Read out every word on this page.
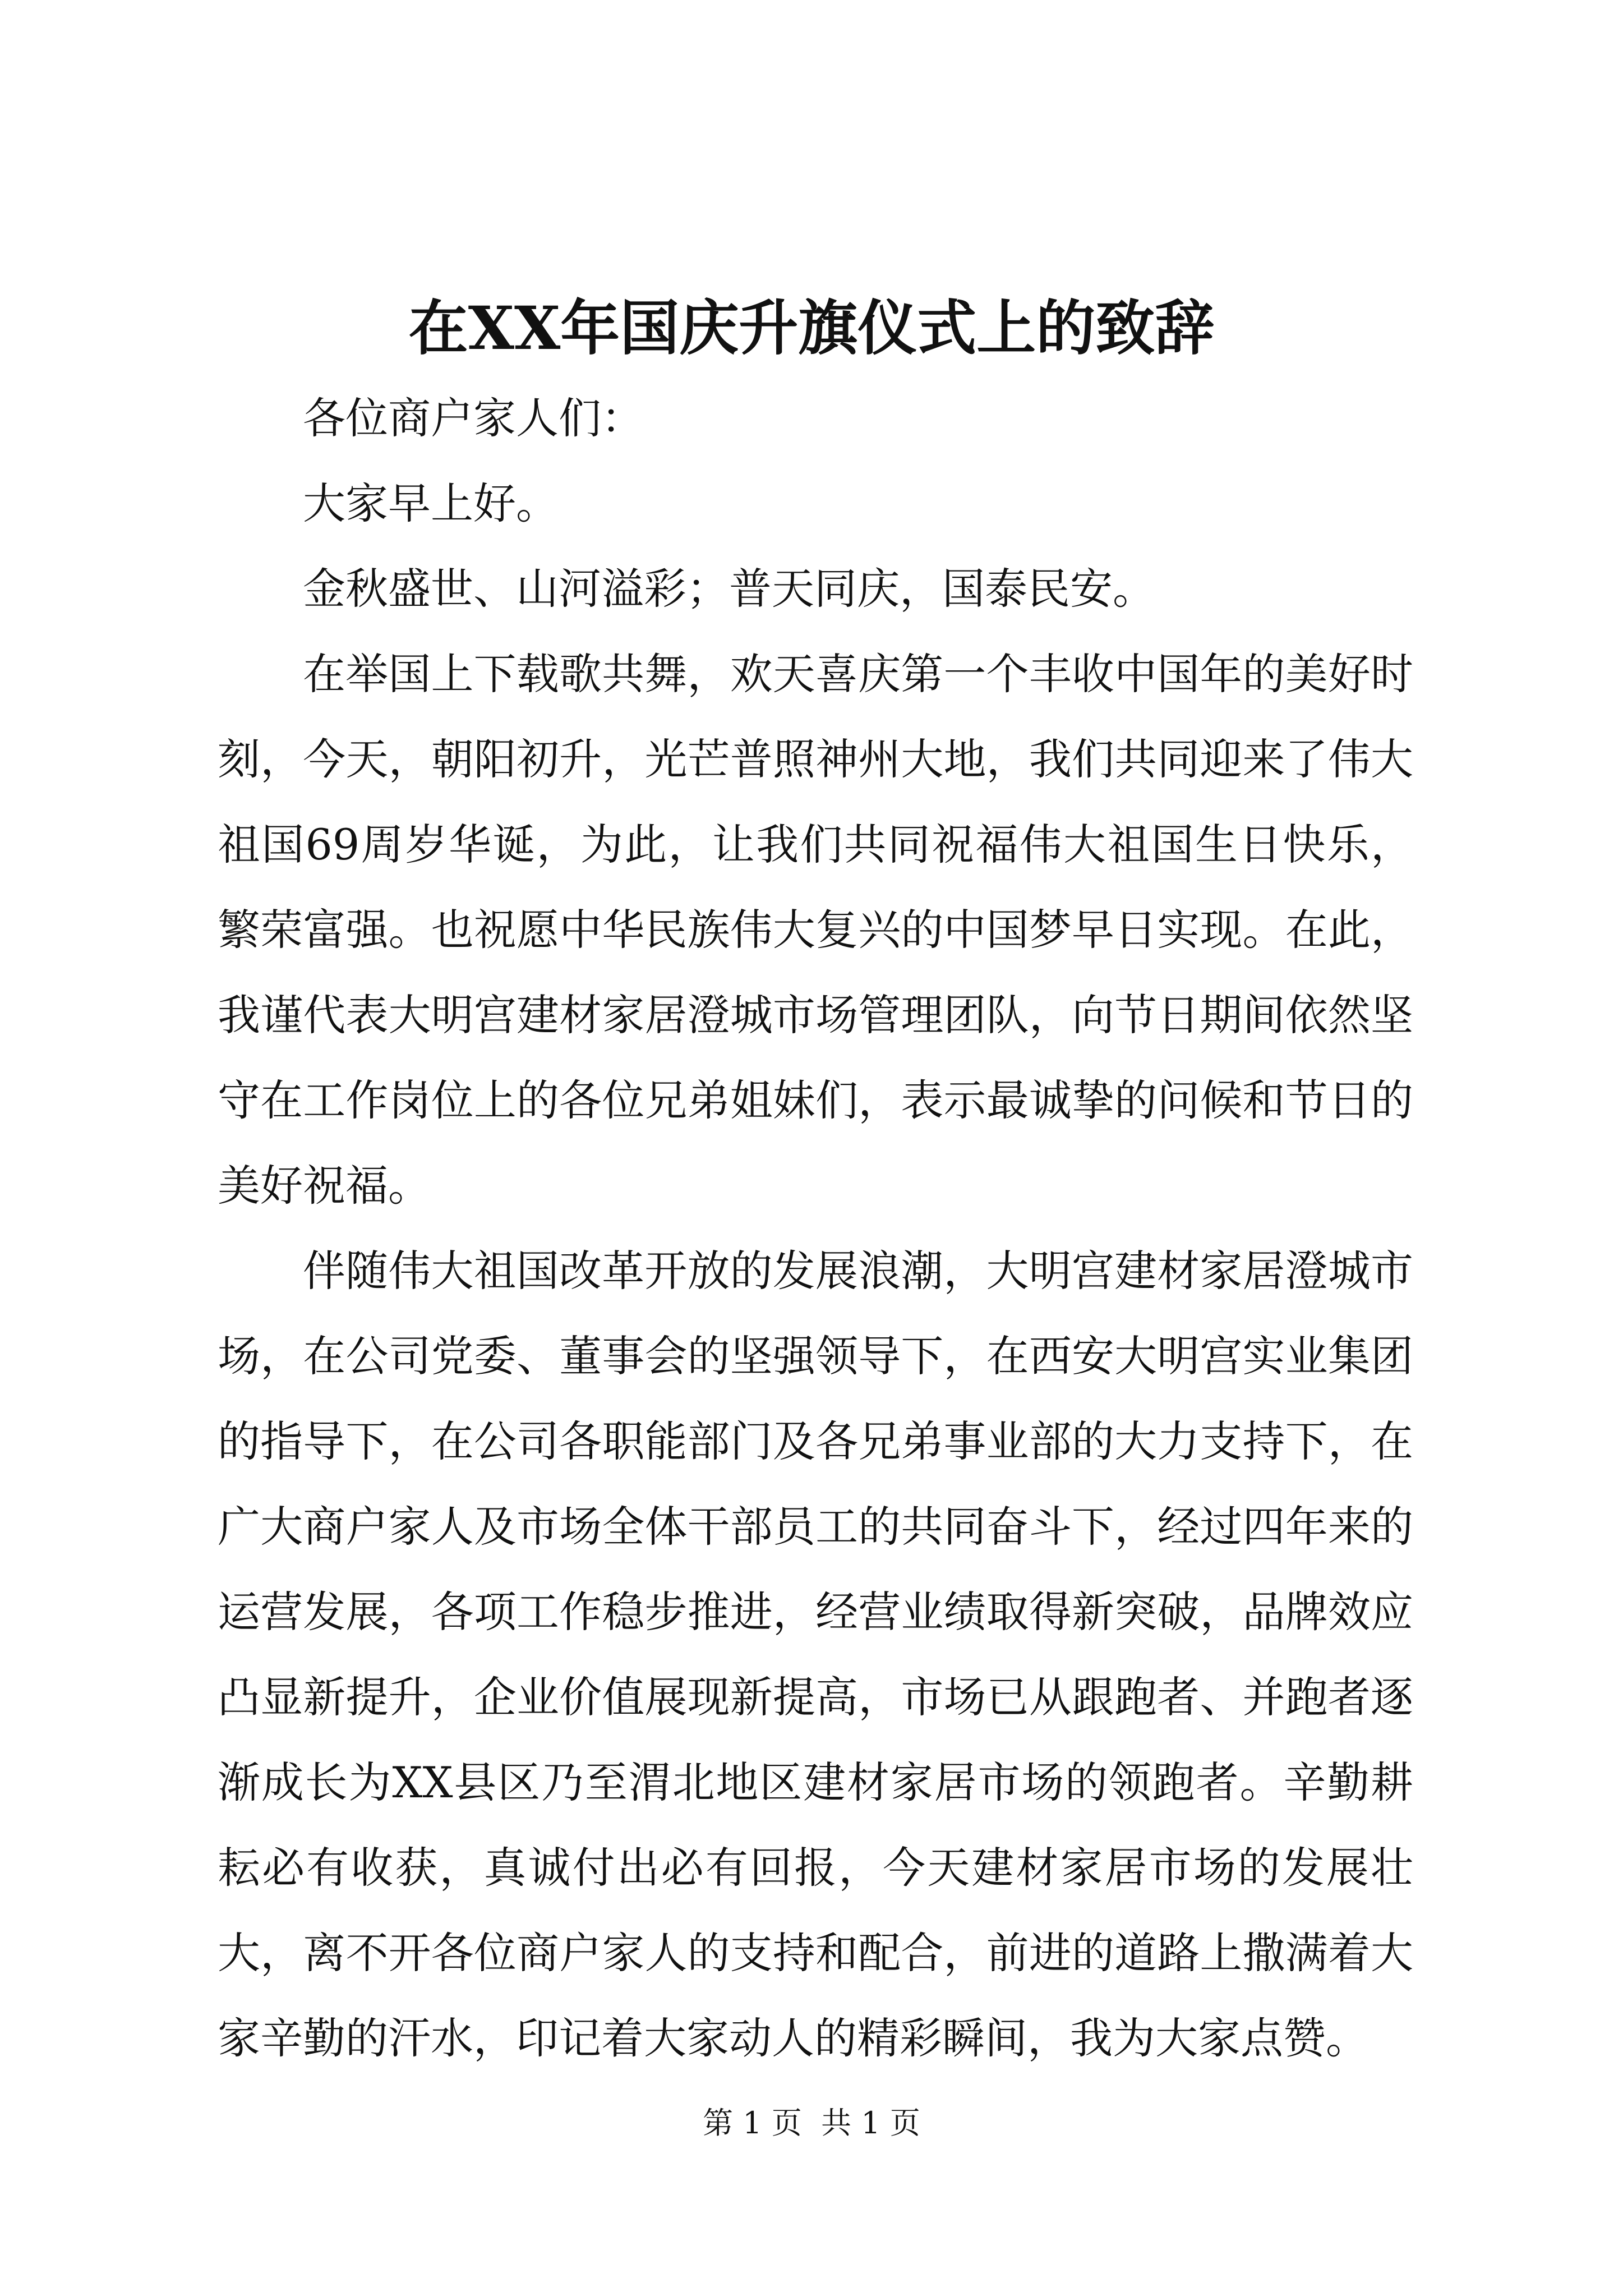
在XX年国庆升旗仪式上的致辞

各位商户家人们：

大家早上好。

金秋盛世、山河溢彩；普天同庆，国泰民安。

在举国上下载歌共舞，欢天喜庆第一个丰收中国年的美好时刻，今天，朝阳初升，光芒普照神州大地，我们共同迎来了伟大祖国69周岁华诞，为此，让我们共同祝福伟大祖国生日快乐，繁荣富强。也祝愿中华民族伟大复兴的中国梦早日实现。在此，我谨代表大明宫建材家居澄城市场管理团队，向节日期间依然坚守在工作岗位上的各位兄弟姐妹们，表示最诚挚的问候和节日的美好祝福。

伴随伟大祖国改革开放的发展浪潮，大明宫建材家居澄城市场，在公司党委、董事会的坚强领导下，在西安大明宫实业集团的指导下，在公司各职能部门及各兄弟事业部的大力支持下，在广大商户家人及市场全体干部员工的共同奋斗下，经过四年来的运营发展，各项工作稳步推进，经营业绩取得新突破，品牌效应凸显新提升，企业价值展现新提高，市场已从跟跑者、并跑者逐渐成长为XX县区乃至渭北地区建材家居市场的领跑者。辛勤耕耘必有收获，真诚付出必有回报，今天建材家居市场的发展壮大，离不开各位商户家人的支持和配合，前进的道路上撒满着大家辛勤的汗水，印记着大家动人的精彩瞬间，我为大家点赞。

第 1 页  共 1 页
